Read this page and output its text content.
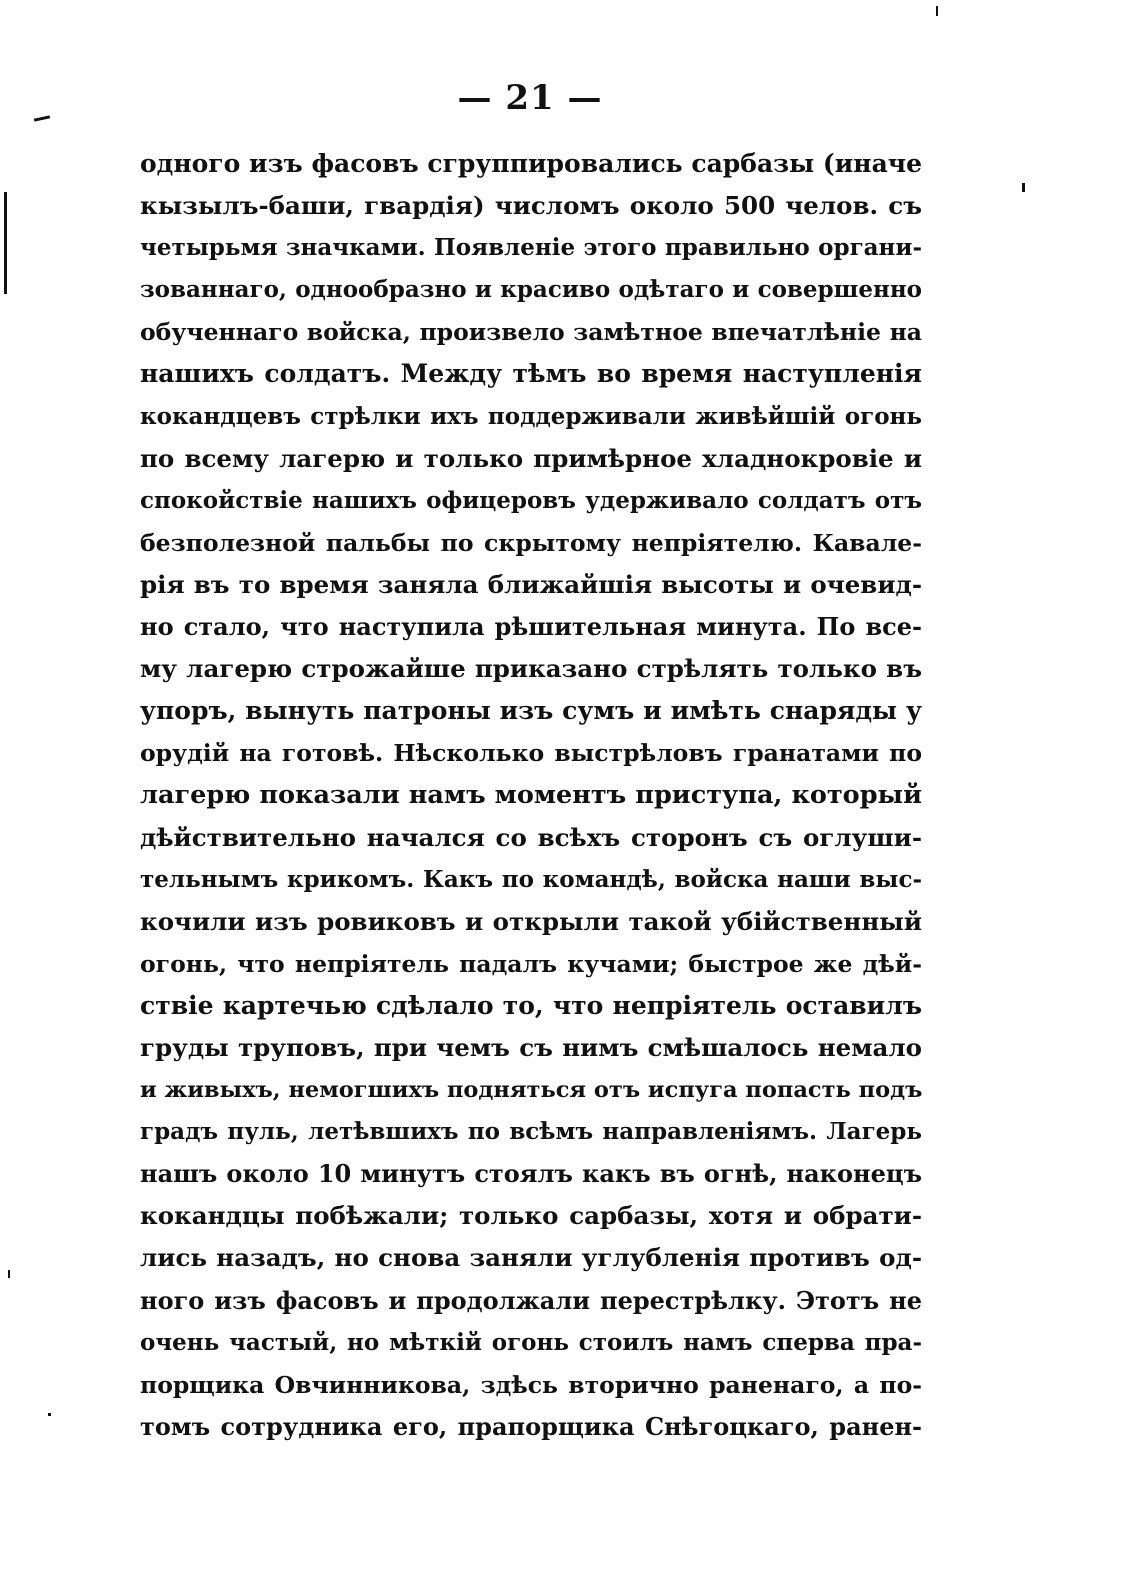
— 21 —
одного изъ фасовъ сгруппировались сарбазы (иначе
кызылъ-баши, гвардія) числомъ около 500 челов. съ
четырьмя значками. Появленіе этого правильно органи-
зованнаго, однообразно и красиво одѣтаго и совершенно
обученнаго войска, произвело замѣтное впечатлѣніе на
нашихъ солдатъ. Между тѣмъ во время наступленія
кокандцевъ стрѣлки ихъ поддерживали живѣйшій огонь
по всему лагерю и только примѣрное хладнокровіе и
спокойствіе нашихъ офицеровъ удерживало солдатъ отъ
безполезной пальбы по скрытому непріятелю. Кавале-
рія въ то время заняла ближайшія высоты и очевид-
но стало, что наступила рѣшительная минута. По все-
му лагерю строжайше приказано стрѣлять только въ
упоръ, вынуть патроны изъ сумъ и имѣть снаряды у
орудій на готовѣ. Нѣсколько выстрѣловъ гранатами по
лагерю показали намъ моментъ приступа, который
дѣйствительно начался со всѣхъ сторонъ съ оглуши-
тельнымъ крикомъ. Какъ по командѣ, войска наши выс-
кочили изъ ровиковъ и открыли такой убійственный
огонь, что непріятель падалъ кучами; быстрое же дѣй-
ствіе картечью сдѣлало то, что непріятель оставилъ
груды труповъ, при чемъ съ нимъ смѣшалось немало
и живыхъ, немогшихъ подняться отъ испуга попасть подъ
градъ пуль, летѣвшихъ по всѣмъ направленіямъ. Лагерь
нашъ около 10 минутъ стоялъ какъ въ огнѣ, наконецъ
кокандцы побѣжали; только сарбазы, хотя и обрати-
лись назадъ, но снова заняли углубленія противъ од-
ного изъ фасовъ и продолжали перестрѣлку. Этотъ не
очень частый, но мѣткій огонь стоилъ намъ сперва пра-
порщика Овчинникова, здѣсь вторично раненаго, а по-
томъ сотрудника его, прапорщика Снѣгоцкаго, ранен-
